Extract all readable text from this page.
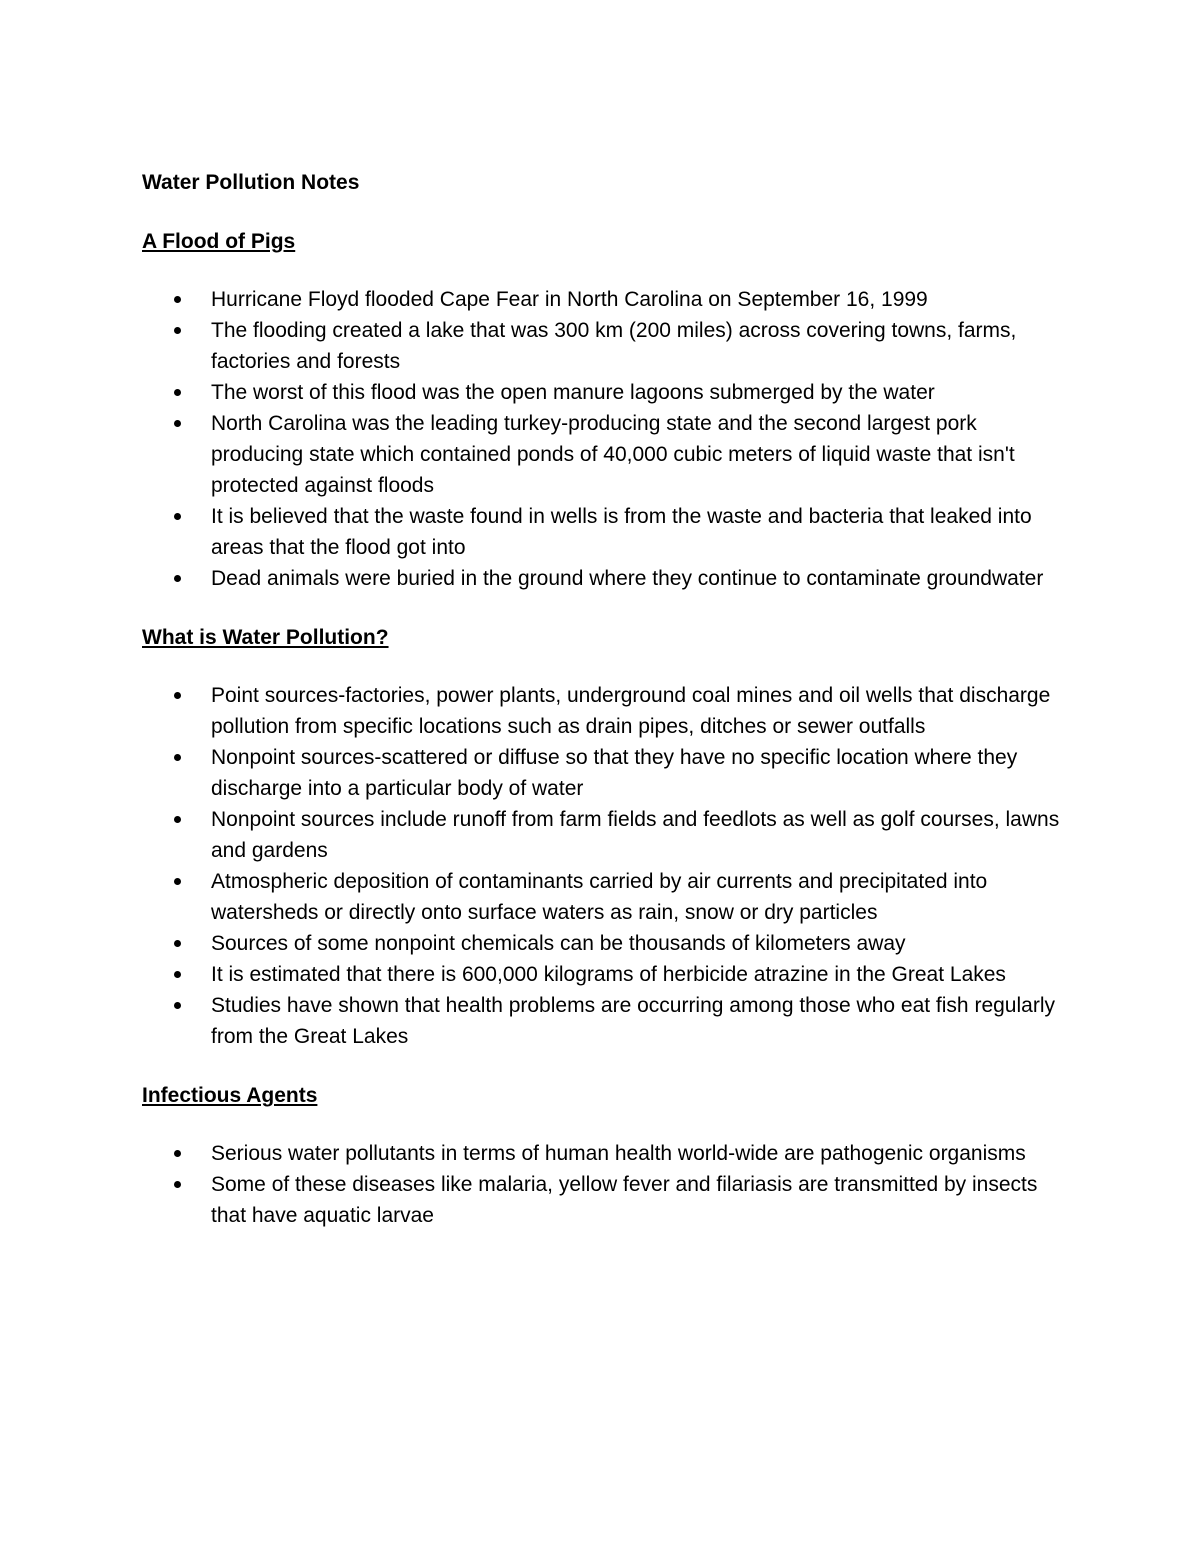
Water Pollution Notes
A Flood of Pigs
Hurricane Floyd flooded Cape Fear in North Carolina on September 16, 1999
The flooding created a lake that was 300 km (200 miles) across covering towns, farms, factories and forests
The worst of this flood was the open manure lagoons submerged by the water
North Carolina was the leading turkey-producing state and the second largest pork producing state which contained ponds of 40,000 cubic meters of liquid waste that isn't protected against floods
It is believed that the waste found in wells is from the waste and bacteria that leaked into areas that the flood got into
Dead animals were buried in the ground where they continue to contaminate groundwater
What is Water Pollution?
Point sources-factories, power plants, underground coal mines and oil wells that discharge pollution from specific locations such as drain pipes, ditches or sewer outfalls
Nonpoint sources-scattered or diffuse so that they have no specific location where they discharge into a particular body of water
Nonpoint sources include runoff from farm fields and feedlots as well as golf courses, lawns and gardens
Atmospheric deposition of contaminants carried by air currents and precipitated into watersheds or directly onto surface waters as rain, snow or dry particles
Sources of some nonpoint chemicals can be thousands of kilometers away
It is estimated that there is 600,000 kilograms of herbicide atrazine in the Great Lakes
Studies have shown that health problems are occurring among those who eat fish regularly from the Great Lakes
Infectious Agents
Serious water pollutants in terms of human health world-wide are pathogenic organisms
Some of these diseases like malaria, yellow fever and filariasis are transmitted by insects that have aquatic larvae
